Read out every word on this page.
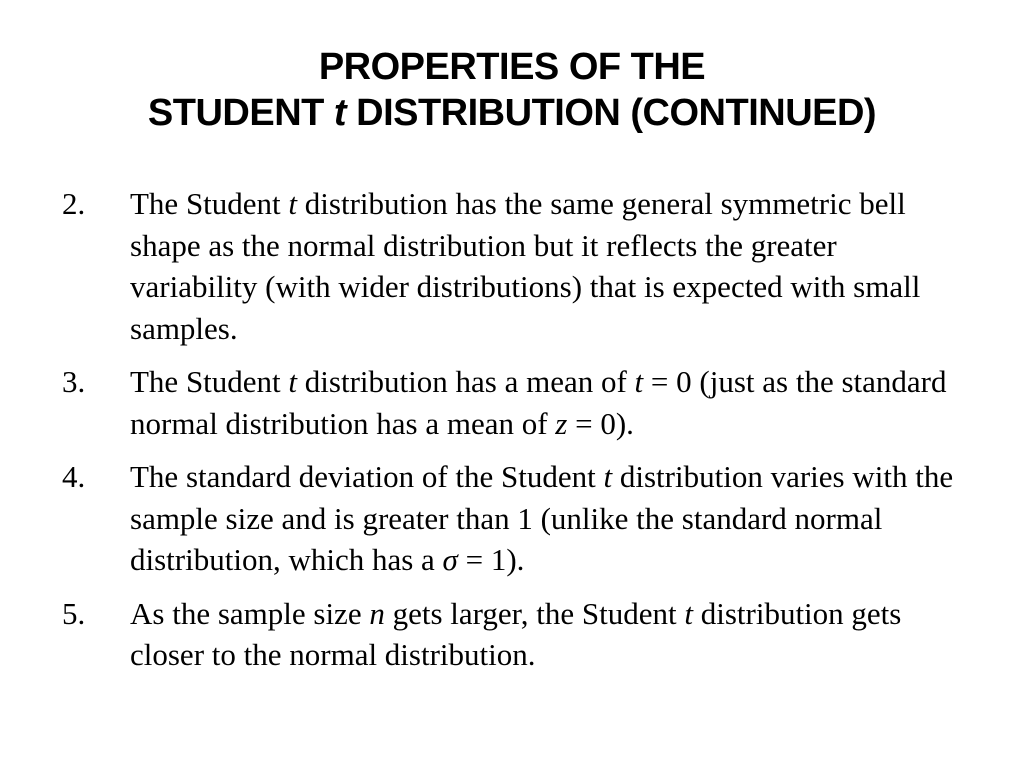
PROPERTIES OF THE
STUDENT t DISTRIBUTION (CONTINUED)
2. The Student t distribution has the same general symmetric bell shape as the normal distribution but it reflects the greater variability (with wider distributions) that is expected with small samples.
3. The Student t distribution has a mean of t = 0 (just as the standard normal distribution has a mean of z = 0).
4. The standard deviation of the Student t distribution varies with the sample size and is greater than 1 (unlike the standard normal distribution, which has a σ = 1).
5. As the sample size n gets larger, the Student t distribution gets closer to the normal distribution.
